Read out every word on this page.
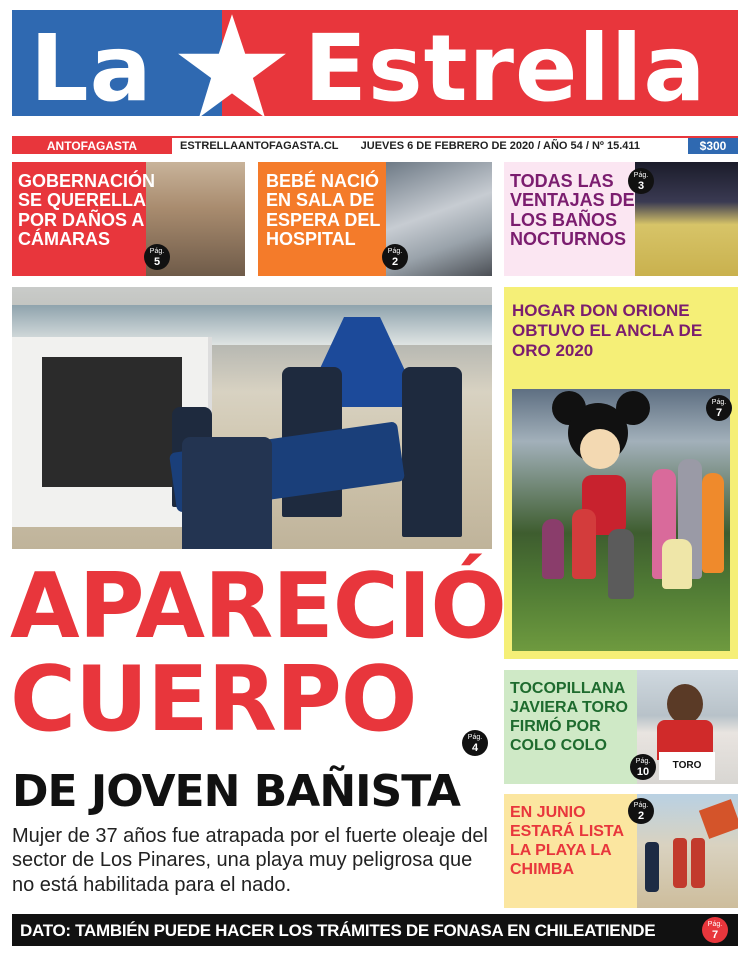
La Estrella
ANTOFAGASTA	ESTRELLAANTOFAGASTA.CL	JUEVES 6 DE FEBRERO DE 2020 / AÑO 54 / Nº 15.411	$300
GOBERNACIÓN SE QUERELLA POR DAÑOS A CÁMARAS
Pág.
5
BEBÉ NACIÓ EN SALA DE ESPERA DEL HOSPITAL
Pág.
2
TODAS LAS VENTAJAS DE LOS BAÑOS NOCTURNOS
Pág.
3
HOGAR DON ORIONE OBTUVO EL ANCLA DE ORO 2020
Pág.
7
APARECIÓ
CUERPO	Pág.
4
DE JOVEN BAÑISTA
Mujer de 37 años fue atrapada por el fuerte oleaje del sector de Los Pinares, una playa muy peligrosa que no está habilitada para el nado.
TORO
TOCOPILLANA JAVIERA TORO FIRMÓ POR COLO COLO
Pág.
10
EN JUNIO ESTARÁ LISTA LA PLAYA LA CHIMBA
Pág.
2
DATO: TAMBIÉN PUEDE HACER LOS TRÁMITES DE FONASA EN CHILEATIENDE	Pág.
7
